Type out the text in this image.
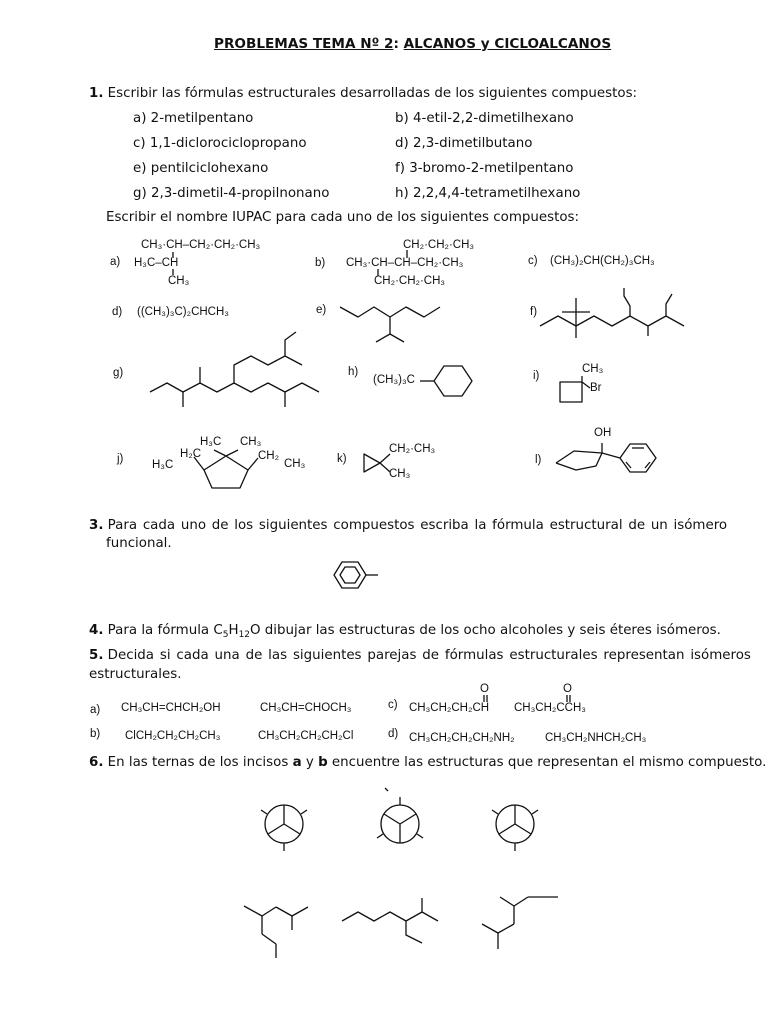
PROBLEMAS TEMA Nº 2: ALCANOS y CICLOALCANOS
1. Escribir las fórmulas estructurales desarrolladas de los siguientes compuestos:
a) 2-metilpentano	b) 4-etil-2,2-dimetilhexano
c) 1,1-diclorociclopropano	d) 2,3-dimetilbutano
e) pentilciclohexano	f) 3-bromo-2-metilpentano
g) 2,3-dimetil-4-propilnonano	h) 2,2,4,4-tetrametilhexano
Escribir el nombre IUPAC para cada uno de los siguientes compuestos:
a)
CH₃·CH–CH₂·CH₂·CH₃
H₃C–CH
CH₃
b)
CH₂·CH₂·CH₃
CH₃·CH–CH–CH₂·CH₃
CH₂·CH₂·CH₃
c) (CH₃)₂CH(CH₂)₃CH₃
d) ((CH₃)₃C)₂CHCH₃	e)	f)
g)	h)
(CH₃)₃C	i)
CH₃
Br
j)
H₃C CH₃
H₂C
H₃C
CH₂
CH₃	k)
CH₂·CH₃
CH₃
l)
OH
3. Para cada uno de los siguientes compuestos escriba la fórmula estructural de un isómero
funcional.
4. Para la fórmula $C_5H_{12}O$ dibujar las estructuras de los ocho alcoholes y seis éteres isómeros.
5. Decida si cada una de las siguientes parejas de fórmulas estructurales representan isómeros
estructurales.
a) CH₃CH=CHCH₂OH	CH₃CH=CHOCH₃	c) CH₃CH₂CH₂CH CH₃CH₂CCH₃
O	O
b) ClCH₂CH₂CH₂CH₃	CH₃CH₂CH₂CH₂Cl	d) CH₃CH₂CH₂CH₂NH₂	CH₃CH₂NHCH₂CH₃
6. En las ternas de los incisos a y b encuentre las estructuras que representan el mismo compuesto.
